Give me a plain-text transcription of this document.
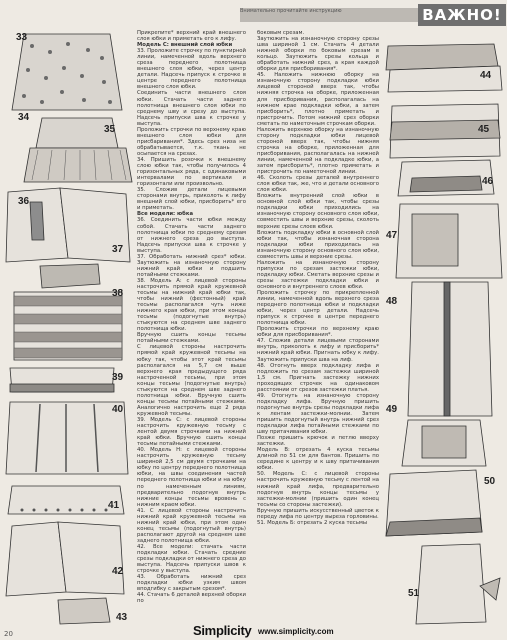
Внимательно прочитайте инструкцию	ВАЖНО!
33
34
35
36
37
38
39
40
41
42
43

Прикрепите* верхний край внешнего слоя юбки и приметать его к лифу.

Модель С: внешний слой юбки

33. Проложите строчку по пунктирной линии, намеченной вдоль верхнего среза переднего полотнища внешнего слоя юбки, через центр детали. Надсечь припуск к строчке в центре переднего полотнища внешнего слоя юбки.

Соединить части внешнего слоя юбки. Стачать части заднего полотнища внешнего слоя юбки по среднему шву и срезу до выступа. Надсечь припуски шва к строчке у выступа.

Проложить строчки по верхнему краю внешнего слоя юбки для присбаривания*. Здесь срез низа не обрабатывается, т.к. ткань не осыпается на срезах.

34. Пришить розочки к внешнему слою юбки так, чтобы получилось 4 горизонтальных ряда, с одинаковыми интервалами по вертикали и горизонтали или произвольно.

35. Сложив детали лицевыми сторонами внутрь, приколоть к лифу внешний слой юбки, присборить* его и приметать.

Все модели: юбка

36. Соединить части юбки между собой. Стачать части заднего полотнища юбки по среднему срезам от нижнего среза до выступа. Надсечь припуски шва к строчке у выступа.

37. Обработать нижний срез* юбки. Заутюжить на изнаночную сторону нижний край юбки и подшить потайными стежками.

38. Модель А: с лицевой стороны настрочить прямой край кружевной тесьмы на нижний край юбки так, чтобы нижний (фестонный) край тесьмы располагался чуть ниже нижнего края юбки, при этом концы тесьмы (подогнутые внутрь) стыкуются на среднем шве заднего полотнища юбки.

Вручную сшить концы тесьмы потайными стежками.

С лицевой стороны настрочить прямой край кружевной тесьмы на юбку так, чтобы этот край тесьмы располагался на 5,7 см выше верхнего края предыдущего ряда настроченной тесьмы, при этом концы тесьмы (подогнутые внутрь) стыкуются на среднем шве заднего полотнища юбки. Вручную сшить концы тесьмы потайными стежками. Аналогично настрочить еще 2 ряда кружевной тесьмы.

39. Модель С: с лицевой стороны настрочить кружевную тесьму с лентой двумя строчками на нижний край юбки. Вручную сшить концы тесьмы потайными стежками.

40. Модель Н: с лицевой стороны настрочить кружевную тесьму шириной 2,5 см двумя строчками на юбку по центру переднего полотнища юбки, на швы соединения частей переднего полотнища юбки и на юбку по намеченным линиям, предварительно подогнув внутрь нижние концы тесьмы вровень с нижним краем юбки.

41. С лицевой стороны настрочить нижний край кружевной тесьмы на нижний край юбки, при этом один конец тесьмы (подогнутый внутрь) располагают другой на среднем шве заднего полотнища юбки.

42. Все модели: стачать части подкладки юбки. Стачать средние срезы подкладки от нижнего среза до выступа. Надсечь припуски швов к строчке у выступа.

43. Обработать нижний срез подкладки юбки узким швом вподгибку с закрытым срезом*.

44. Стачать 6 деталей верхней оборки по

боковым срезам.

Заутюжить на изнаночную сторону срезы шва шириной 1 см. Стачать 4 детали нижней оборки по боковым срезам в кольцо. Заутюжить срезы кольца и обработать нижний срез, а края каждой оборки для присборивания*.

45. Наложить нижнюю оборку на изнаночную сторону подкладки юбки лицевой стороной вверх так, чтобы нижняя строчка на оборке, приложенная для присборивания, располагалась на нижнем крае подкладки юбки, а затем присборить*, плотно приметать и пристрочить. Потом нижний срез оборки сметать по наметочным строчкам оборки.

Наложить верхнюю оборку на изнаночную сторону подкладки юбки лицевой стороной вверх так, чтобы нижняя строчка на оборке, приложенная для присборивания, располагалась на нижней линии, намеченной на подкладке юбки, а затем присборить*, плотно приметать и пристрочить по наметочной линии.

46. Сколоть срезы деталей внутреннего слоя юбки так, же, что и детали основного слоя юбки.

Вложить внутренний слой юбки в основной слой юбки так, чтобы срезы подкладки юбки приходились на изнаночную сторону основного слоя юбки, совместить швы и верхние срезы, сколоть верхние срезы слоев юбки.

Вложить подкладку юбки в основной слой юбки так, чтобы изнаночная сторона подкладки юбки приходилась на изнаночную сторону основного слоя юбки, совместить швы и верхние срезы.

Наложить на изнаночную сторону припуски по срезам застежки юбки, подкладку юбки. Сметать верхние срезы и срезы застежки подкладки юбки и основного и внутреннего слоев юбки.

Проложить строчку по прикрепленной линии, намеченной вдоль верхнего среза переднего полотнища юбки и подкладки юбки, через центр детали. Надсечь припуск к строчке в центре переднего полотнища юбки.

Проложить строчки по верхнему краю юбки для присборивания*.

47. Сложив детали лицевыми сторонами внутрь, приколоть к лифу и присборить* нижний край юбки. Пригнать юбку к лифу. Заутюжить припуски шва на лиф.

48. Отогнуть вверх подкладку лифа и подложить по срезам застежки шириной 1,5 см. Пригнать застежку нижних проходящих строчек на одинаковом расстоянии от срезов застежки платья.

49. Отогнуть на изнаночную сторону подкладку лифа. Вручную пришить подогнутые внутрь срезы подкладки лифа к лентам застежки-молнии. Затем пришить подогнутый внутрь нижний срез подкладки лифа потайными стежками по шву притачивания юбки.

Позже пришить крючок и петлю вверху застежки.

Модель В: отрезать 4 куска тесьмы длиной по 51 см для бантов. Пришить по середине к центру и к шву притачивания юбки.

50. Модель С: с лицевой стороны настрочить кружевную тесьму с лентой на нижний край лифа, предварительно подогнув внутрь концы тесьмы у застежки-молнии (пришить один конец тесьмы со стороны застежки).

Вручную пришить искусственный цветок к переду лифа по центру выреза горловины.

51. Модель Б: отрезать 2 куска тесьмы

44
45
46
47
48
49
50
51
20	Simplicity www.simplicity.com
